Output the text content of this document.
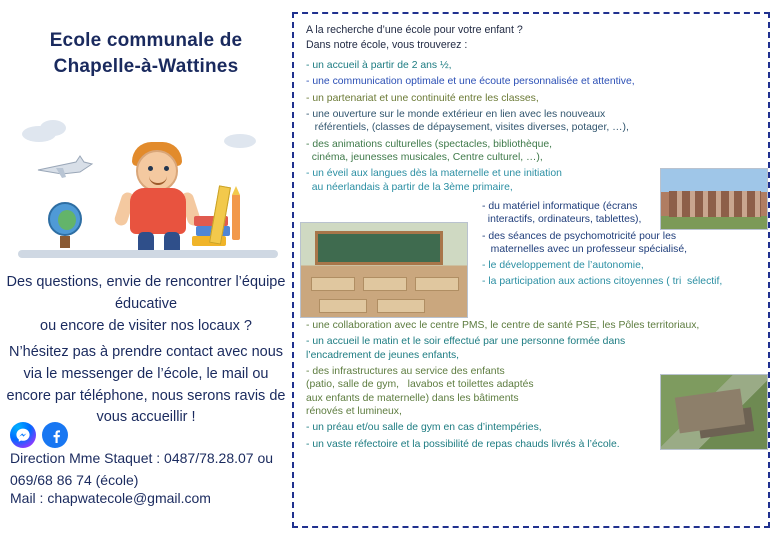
Ecole communale de
Chapelle-à-Wattines
Des questions, envie de rencontrer l’équipe
éducative
ou encore de visiter nos locaux ?
N’hésitez pas à prendre contact avec nous via le messenger de l’école, le mail ou encore par téléphone, nous serons ravis de vous accueillir !
Direction Mme Staquet : 0487/78.28.07 ou
069/68 86 74 (école)
Mail : chapwatecole@gmail.com

A la recherche d’une école pour votre enfant ?

Dans notre école, vous trouverez :

- un accueil à partir de 2 ans ½,

- une communication optimale et une écoute personnalisée et attentive,

- un partenariat et une continuité entre les classes,

- une ouverture sur le monde extérieur en lien avec les nouveaux

référentiels, (classes de dépaysement, visites diverses, potager, …),

- des animations culturelles (spectacles, bibliothèque,

cinéma, jeunesses musicales, Centre culturel, …),

- un éveil aux langues dès la maternelle et une initiation

au néerlandais à partir de la 3ème primaire,

- du matériel informatique (écrans

interactifs, ordinateurs, tablettes),

- des séances de psychomotricité pour les

maternelles avec un professeur spécialisé,

- le développement de l’autonomie,

- la participation aux actions citoyennes ( tri  sélectif,

- une collaboration avec le centre PMS, le centre de santé PSE, les Pôles territoriaux,

- un accueil le matin et le soir effectué par une personne formée dans

l’encadrement de jeunes enfants,

- des infrastructures au service des enfants

(patio, salle de gym,   lavabos et toilettes adaptés

aux enfants de maternelle) dans les bâtiments

rénovés et lumineux,

- un préau et/ou salle de gym en cas d’intempéries,

- un vaste réfectoire et la possibilité de repas chauds livrés à l’école.
